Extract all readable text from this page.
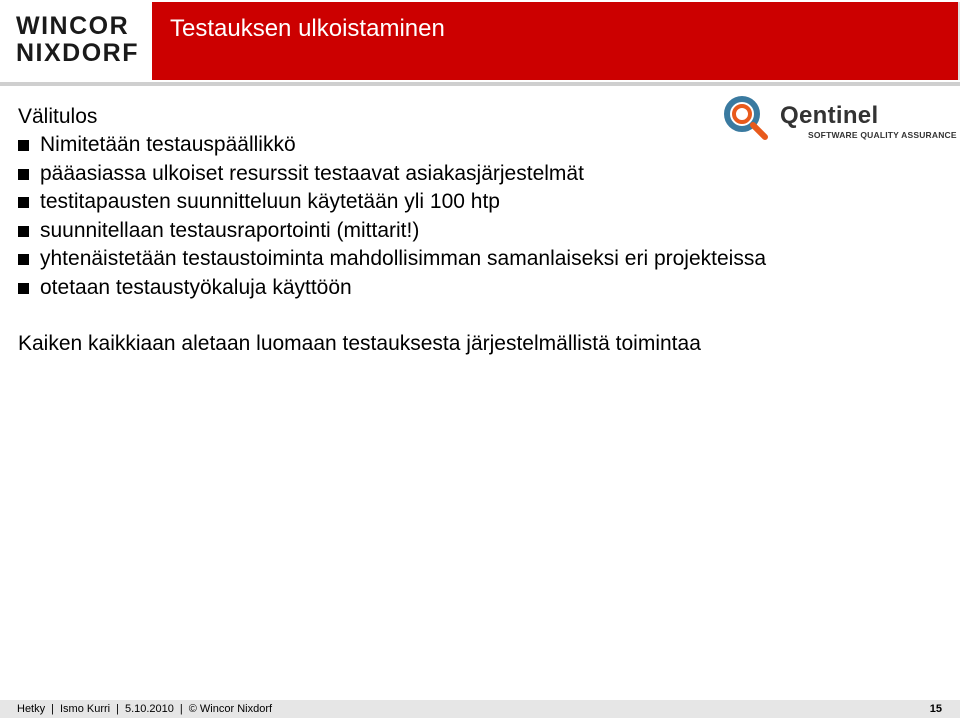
WINCOR
NIXDORF
Testauksen ulkoistaminen
Qentinel
SOFTWARE QUALITY ASSURANCE
Välitulos
Nimitetään testauspäällikkö
pääasiassa ulkoiset resurssit testaavat asiakasjärjestelmät
testitapausten suunnitteluun käytetään yli 100 htp
suunnitellaan testausraportointi (mittarit!)
yhtenäistetään testaustoiminta mahdollisimman samanlaiseksi eri projekteissa
otetaan testaustyökaluja käyttöön
Kaiken kaikkiaan aletaan luomaan testauksesta järjestelmällistä toimintaa
Hetky | Ismo Kurri | 5.10.2010 | © Wincor Nixdorf	15
